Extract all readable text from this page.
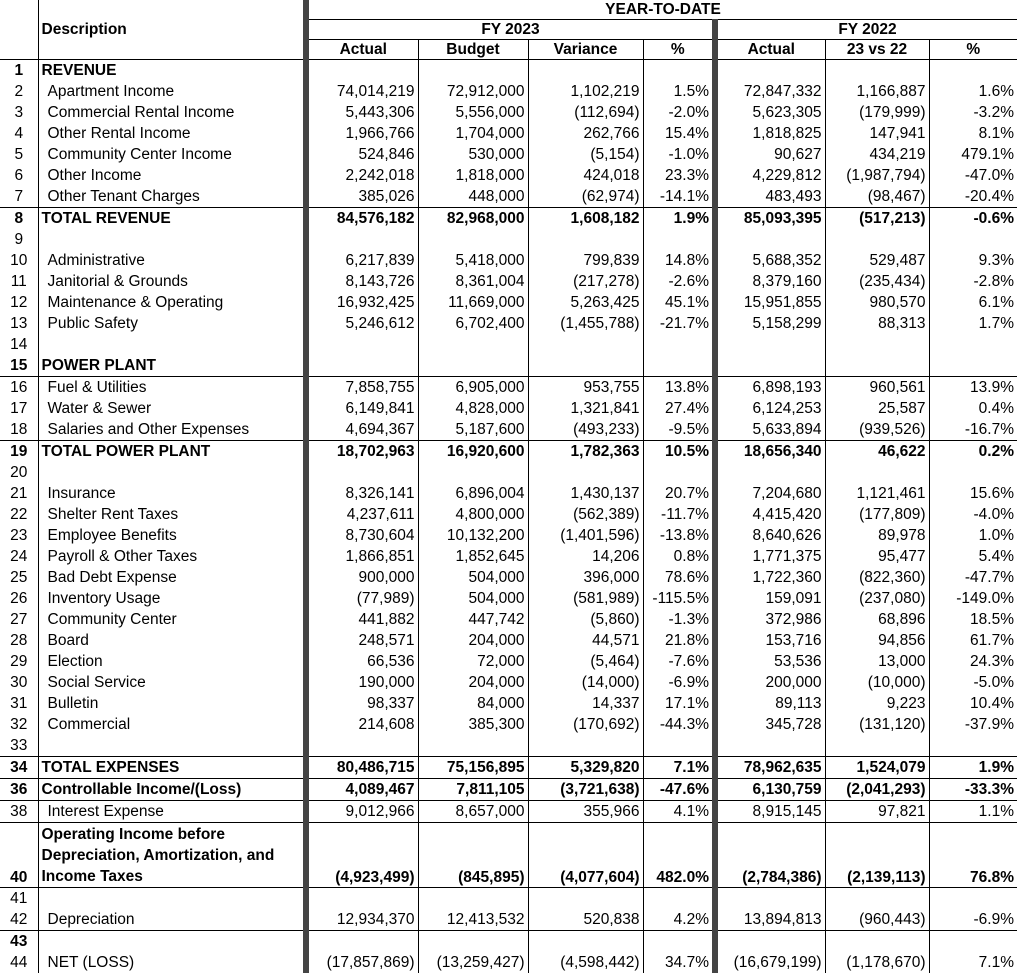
	Description	YEAR-TO-DATE						
		FY 2023				FY 2022		
		Actual	Budget	Variance	%	Actual	23 vs 22	%
1	REVENUE							
2	Apartment Income	74,014,219	72,912,000	1,102,219	1.5%	72,847,332	1,166,887	1.6%
3	Commercial Rental Income	5,443,306	5,556,000	(112,694)	-2.0%	5,623,305	(179,999)	-3.2%
4	Other Rental Income	1,966,766	1,704,000	262,766	15.4%	1,818,825	147,941	8.1%
5	Community Center Income	524,846	530,000	(5,154)	-1.0%	90,627	434,219	479.1%
6	Other Income	2,242,018	1,818,000	424,018	23.3%	4,229,812	(1,987,794)	-47.0%
7	Other Tenant Charges	385,026	448,000	(62,974)	-14.1%	483,493	(98,467)	-20.4%
8	TOTAL REVENUE	84,576,182	82,968,000	1,608,182	1.9%	85,093,395	(517,213)	-0.6%
9								
10	Administrative	6,217,839	5,418,000	799,839	14.8%	5,688,352	529,487	9.3%
11	Janitorial & Grounds	8,143,726	8,361,004	(217,278)	-2.6%	8,379,160	(235,434)	-2.8%
12	Maintenance & Operating	16,932,425	11,669,000	5,263,425	45.1%	15,951,855	980,570	6.1%
13	Public Safety	5,246,612	6,702,400	(1,455,788)	-21.7%	5,158,299	88,313	1.7%
14								
15	POWER PLANT							
16	Fuel & Utilities	7,858,755	6,905,000	953,755	13.8%	6,898,193	960,561	13.9%
17	Water & Sewer	6,149,841	4,828,000	1,321,841	27.4%	6,124,253	25,587	0.4%
18	Salaries and Other Expenses	4,694,367	5,187,600	(493,233)	-9.5%	5,633,894	(939,526)	-16.7%
19	TOTAL POWER PLANT	18,702,963	16,920,600	1,782,363	10.5%	18,656,340	46,622	0.2%
20								
21	Insurance	8,326,141	6,896,004	1,430,137	20.7%	7,204,680	1,121,461	15.6%
22	Shelter Rent Taxes	4,237,611	4,800,000	(562,389)	-11.7%	4,415,420	(177,809)	-4.0%
23	Employee Benefits	8,730,604	10,132,200	(1,401,596)	-13.8%	8,640,626	89,978	1.0%
24	Payroll & Other Taxes	1,866,851	1,852,645	14,206	0.8%	1,771,375	95,477	5.4%
25	Bad Debt Expense	900,000	504,000	396,000	78.6%	1,722,360	(822,360)	-47.7%
26	Inventory Usage	(77,989)	504,000	(581,989)	-115.5%	159,091	(237,080)	-149.0%
27	Community Center	441,882	447,742	(5,860)	-1.3%	372,986	68,896	18.5%
28	Board	248,571	204,000	44,571	21.8%	153,716	94,856	61.7%
29	Election	66,536	72,000	(5,464)	-7.6%	53,536	13,000	24.3%
30	Social Service	190,000	204,000	(14,000)	-6.9%	200,000	(10,000)	-5.0%
31	Bulletin	98,337	84,000	14,337	17.1%	89,113	9,223	10.4%
32	Commercial	214,608	385,300	(170,692)	-44.3%	345,728	(131,120)	-37.9%
33								
34	TOTAL EXPENSES	80,486,715	75,156,895	5,329,820	7.1%	78,962,635	1,524,079	1.9%
36	Controllable Income/(Loss)	4,089,467	7,811,105	(3,721,638)	-47.6%	6,130,759	(2,041,293)	-33.3%
38	Interest Expense	9,012,966	8,657,000	355,966	4.1%	8,915,145	97,821	1.1%
40	Operating Income before Depreciation, Amortization, and Income Taxes	(4,923,499)	(845,895)	(4,077,604)	482.0%	(2,784,386)	(2,139,113)	76.8%
41								
42	Depreciation	12,934,370	12,413,532	520,838	4.2%	13,894,813	(960,443)	-6.9%
43								
44	NET (LOSS)	(17,857,869)	(13,259,427)	(4,598,442)	34.7%	(16,679,199)	(1,178,670)	7.1%
